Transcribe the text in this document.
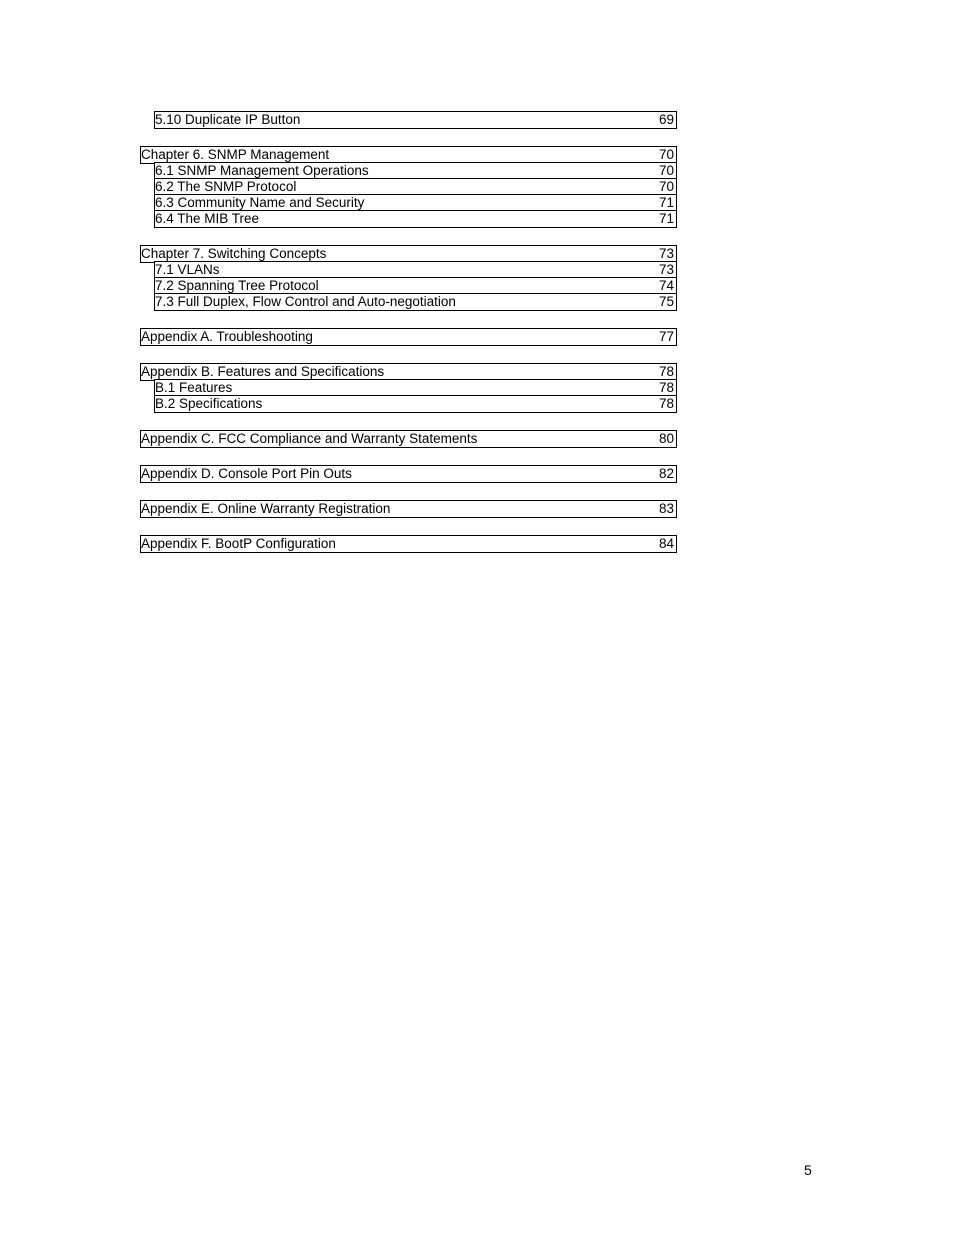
5.10 Duplicate IP Button	69
Chapter 6. SNMP Management	70
6.1 SNMP Management Operations	70
6.2 The SNMP Protocol	70
6.3 Community Name and Security	71
6.4 The MIB Tree	71
Chapter 7. Switching Concepts	73
7.1 VLANs	73
7.2 Spanning Tree Protocol	74
7.3 Full Duplex, Flow Control and Auto-negotiation	75
Appendix A. Troubleshooting	77
Appendix B. Features and Specifications	78
B.1 Features	78
B.2 Specifications	78
Appendix C. FCC Compliance and Warranty Statements	80
Appendix D. Console Port Pin Outs	82
Appendix E. Online Warranty Registration	83
Appendix F. BootP Configuration	84
5
